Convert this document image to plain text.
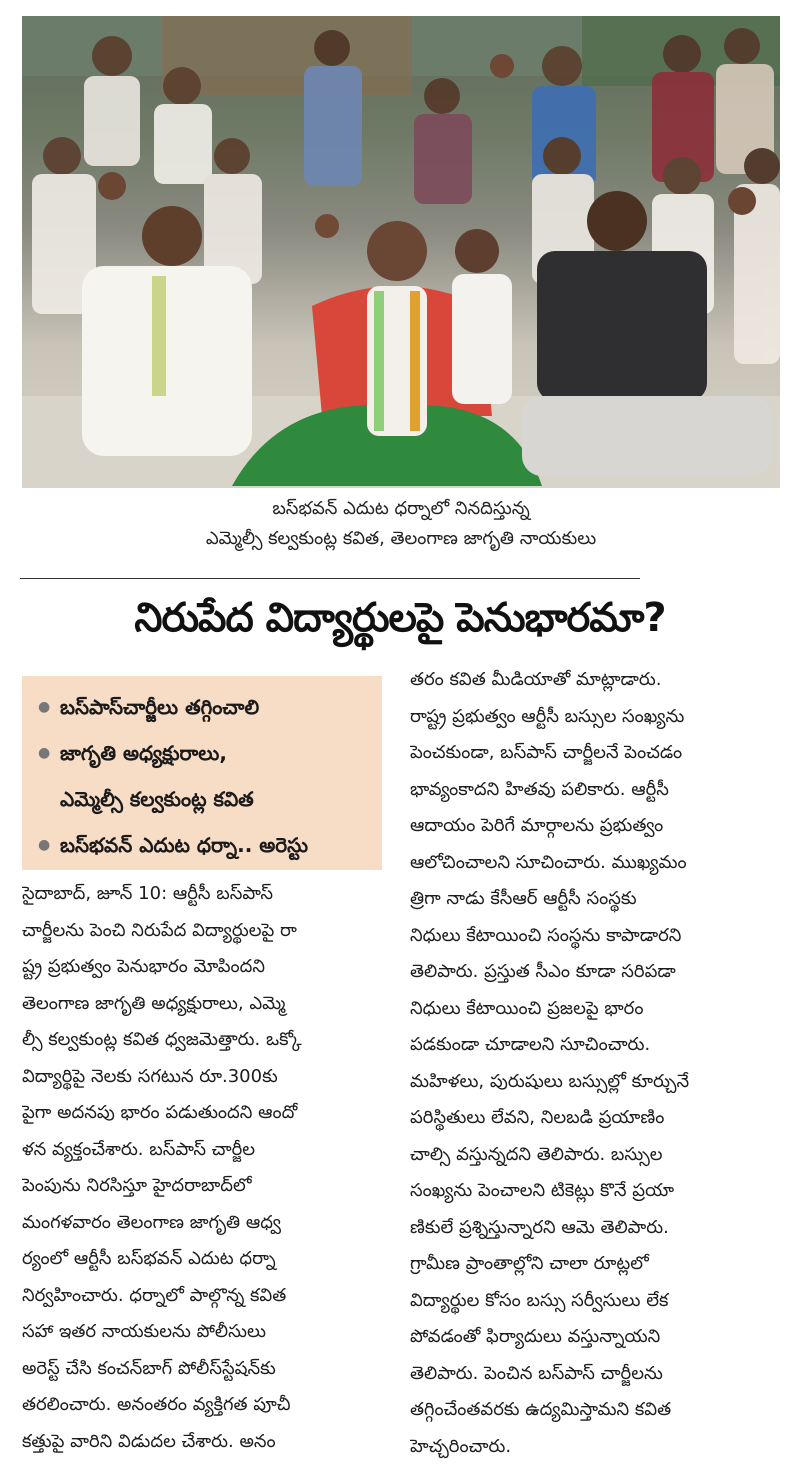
బస్‌భవన్‌ ఎదుట ధర్నాలో నినదిస్తున్న
ఎమ్మెల్సీ కల్వకుంట్ల కవిత, తెలంగాణ జాగృతి నాయకులు
నిరుపేద విద్యార్థులపై పెనుభారమా?
● బస్‌పాస్‌చార్జీలు తగ్గించాలి
● జాగృతి అధ్యక్షురాలు,
ఎమ్మెల్సీ కల్వకుంట్ల కవిత
● బస్‌భవన్‌ ఎదుట ధర్నా.. అరెస్టు
సైదాబాద్‌, జూన్‌ 10: ఆర్టీసీ బస్‌పాస్‌
చార్జీలను పెంచి నిరుపేద విద్యార్థులపై రా
ష్ట్ర ప్రభుత్వం పెనుభారం మోపిందని
తెలంగాణ జాగృతి అధ్యక్షురాలు, ఎమ్మె
ల్సీ కల్వకుంట్ల కవిత ధ్వజమెత్తారు. ఒక్కో
విద్యార్థిపై నెలకు సగటున రూ.300కు
పైగా అదనపు భారం పడుతుందని ఆందో
ళన వ్యక్తంచేశారు. బస్‌పాస్‌ చార్జీల
పెంపును నిరసిస్తూ హైదరాబాద్‌లో
మంగళవారం తెలంగాణ జాగృతి ఆధ్వ
ర్యంలో ఆర్టీసీ బస్‌భవన్‌ ఎదుట ధర్నా
నిర్వహించారు. ధర్నాలో పాల్గొన్న కవిత
సహా ఇతర నాయకులను పోలీసులు
అరెస్ట్‌ చేసి కంచన్‌బాగ్‌ పోలీస్‌స్టేషన్‌కు
తరలించారు. అనంతరం వ్యక్తిగత పూచీ
కత్తుపై వారిని విడుదల చేశారు. అనం
తరం కవిత మీడియాతో మాట్లాడారు.
రాష్ట్ర ప్రభుత్వం ఆర్టీసీ బస్సుల సంఖ్యను
పెంచకుండా, బస్‌పాస్‌ చార్జీలనే పెంచడం
భావ్యంకాదని హితవు పలికారు. ఆర్టీసీ
ఆదాయం పెరిగే మార్గాలను ప్రభుత్వం
ఆలోచించాలని సూచించారు. ముఖ్యమం
త్రిగా నాడు కేసీఆర్‌ ఆర్టీసీ సంస్థకు
నిధులు కేటాయించి సంస్థను కాపాడారని
తెలిపారు. ప్రస్తుత సీఎం కూడా సరిపడా
నిధులు కేటాయించి ప్రజలపై భారం
పడకుండా చూడాలని సూచించారు.
మహిళలు, పురుషులు బస్సుల్లో కూర్చునే
పరిస్థితులు లేవని, నిలబడి ప్రయాణిం
చాల్సి వస్తున్నదని తెలిపారు. బస్సుల
సంఖ్యను పెంచాలని టికెట్లు కొనే ప్రయా
ణికులే ప్రశ్నిస్తున్నారని ఆమె తెలిపారు.
గ్రామీణ ప్రాంతాల్లోని చాలా రూట్లలో
విద్యార్థుల కోసం బస్సు సర్వీసులు లేక
పోవడంతో ఫిర్యాదులు వస్తున్నాయని
తెలిపారు. పెంచిన బస్‌పాస్‌ చార్జీలను
తగ్గించేంతవరకు ఉద్యమిస్తామని కవిత
హెచ్చరించారు.
